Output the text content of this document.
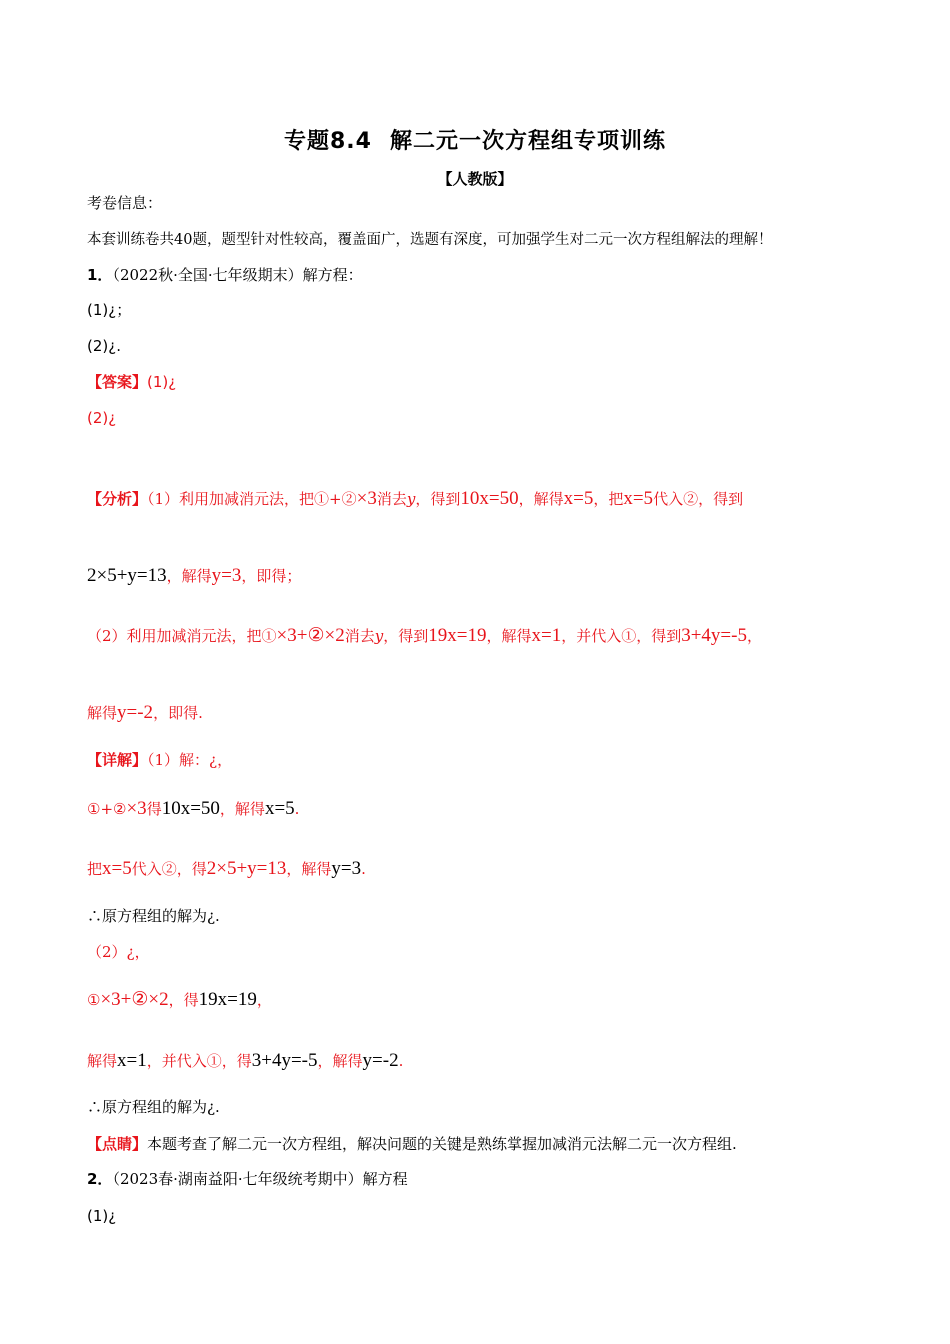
专题8.4 解二元一次方程组专项训练
【人教版】
考卷信息：
本套训练卷共40题，题型针对性较高，覆盖面广，选题有深度，可加强学生对二元一次方程组解法的理解！
1．（2022秋·全国·七年级期末）解方程：
(1)¿；
(2)¿.
【答案】(1)¿
(2)¿
【分析】（1）利用加减消元法，把①+②×3消去y，得到10x=50，解得x=5，把x=5代入②，得到
2×5+y=13，解得y=3，即得；
（2）利用加减消元法，把①×3+②×2消去y，得到19x=19，解得x=1，并代入①，得到3+4y=-5，
解得y=-2，即得.
【详解】（1）解：¿，
①+②×3得10x=50，解得x=5.
把x=5代入②，得2×5+y=13，解得y=3.
∴原方程组的解为¿.
（2）¿，
①×3+②×2，得19x=19，
解得x=1，并代入①，得3+4y=-5，解得y=-2.
∴原方程组的解为¿.
【点睛】本题考查了解二元一次方程组，解决问题的关键是熟练掌握加减消元法解二元一次方程组.
2．（2023春·湖南益阳·七年级统考期中）解方程
(1)¿
